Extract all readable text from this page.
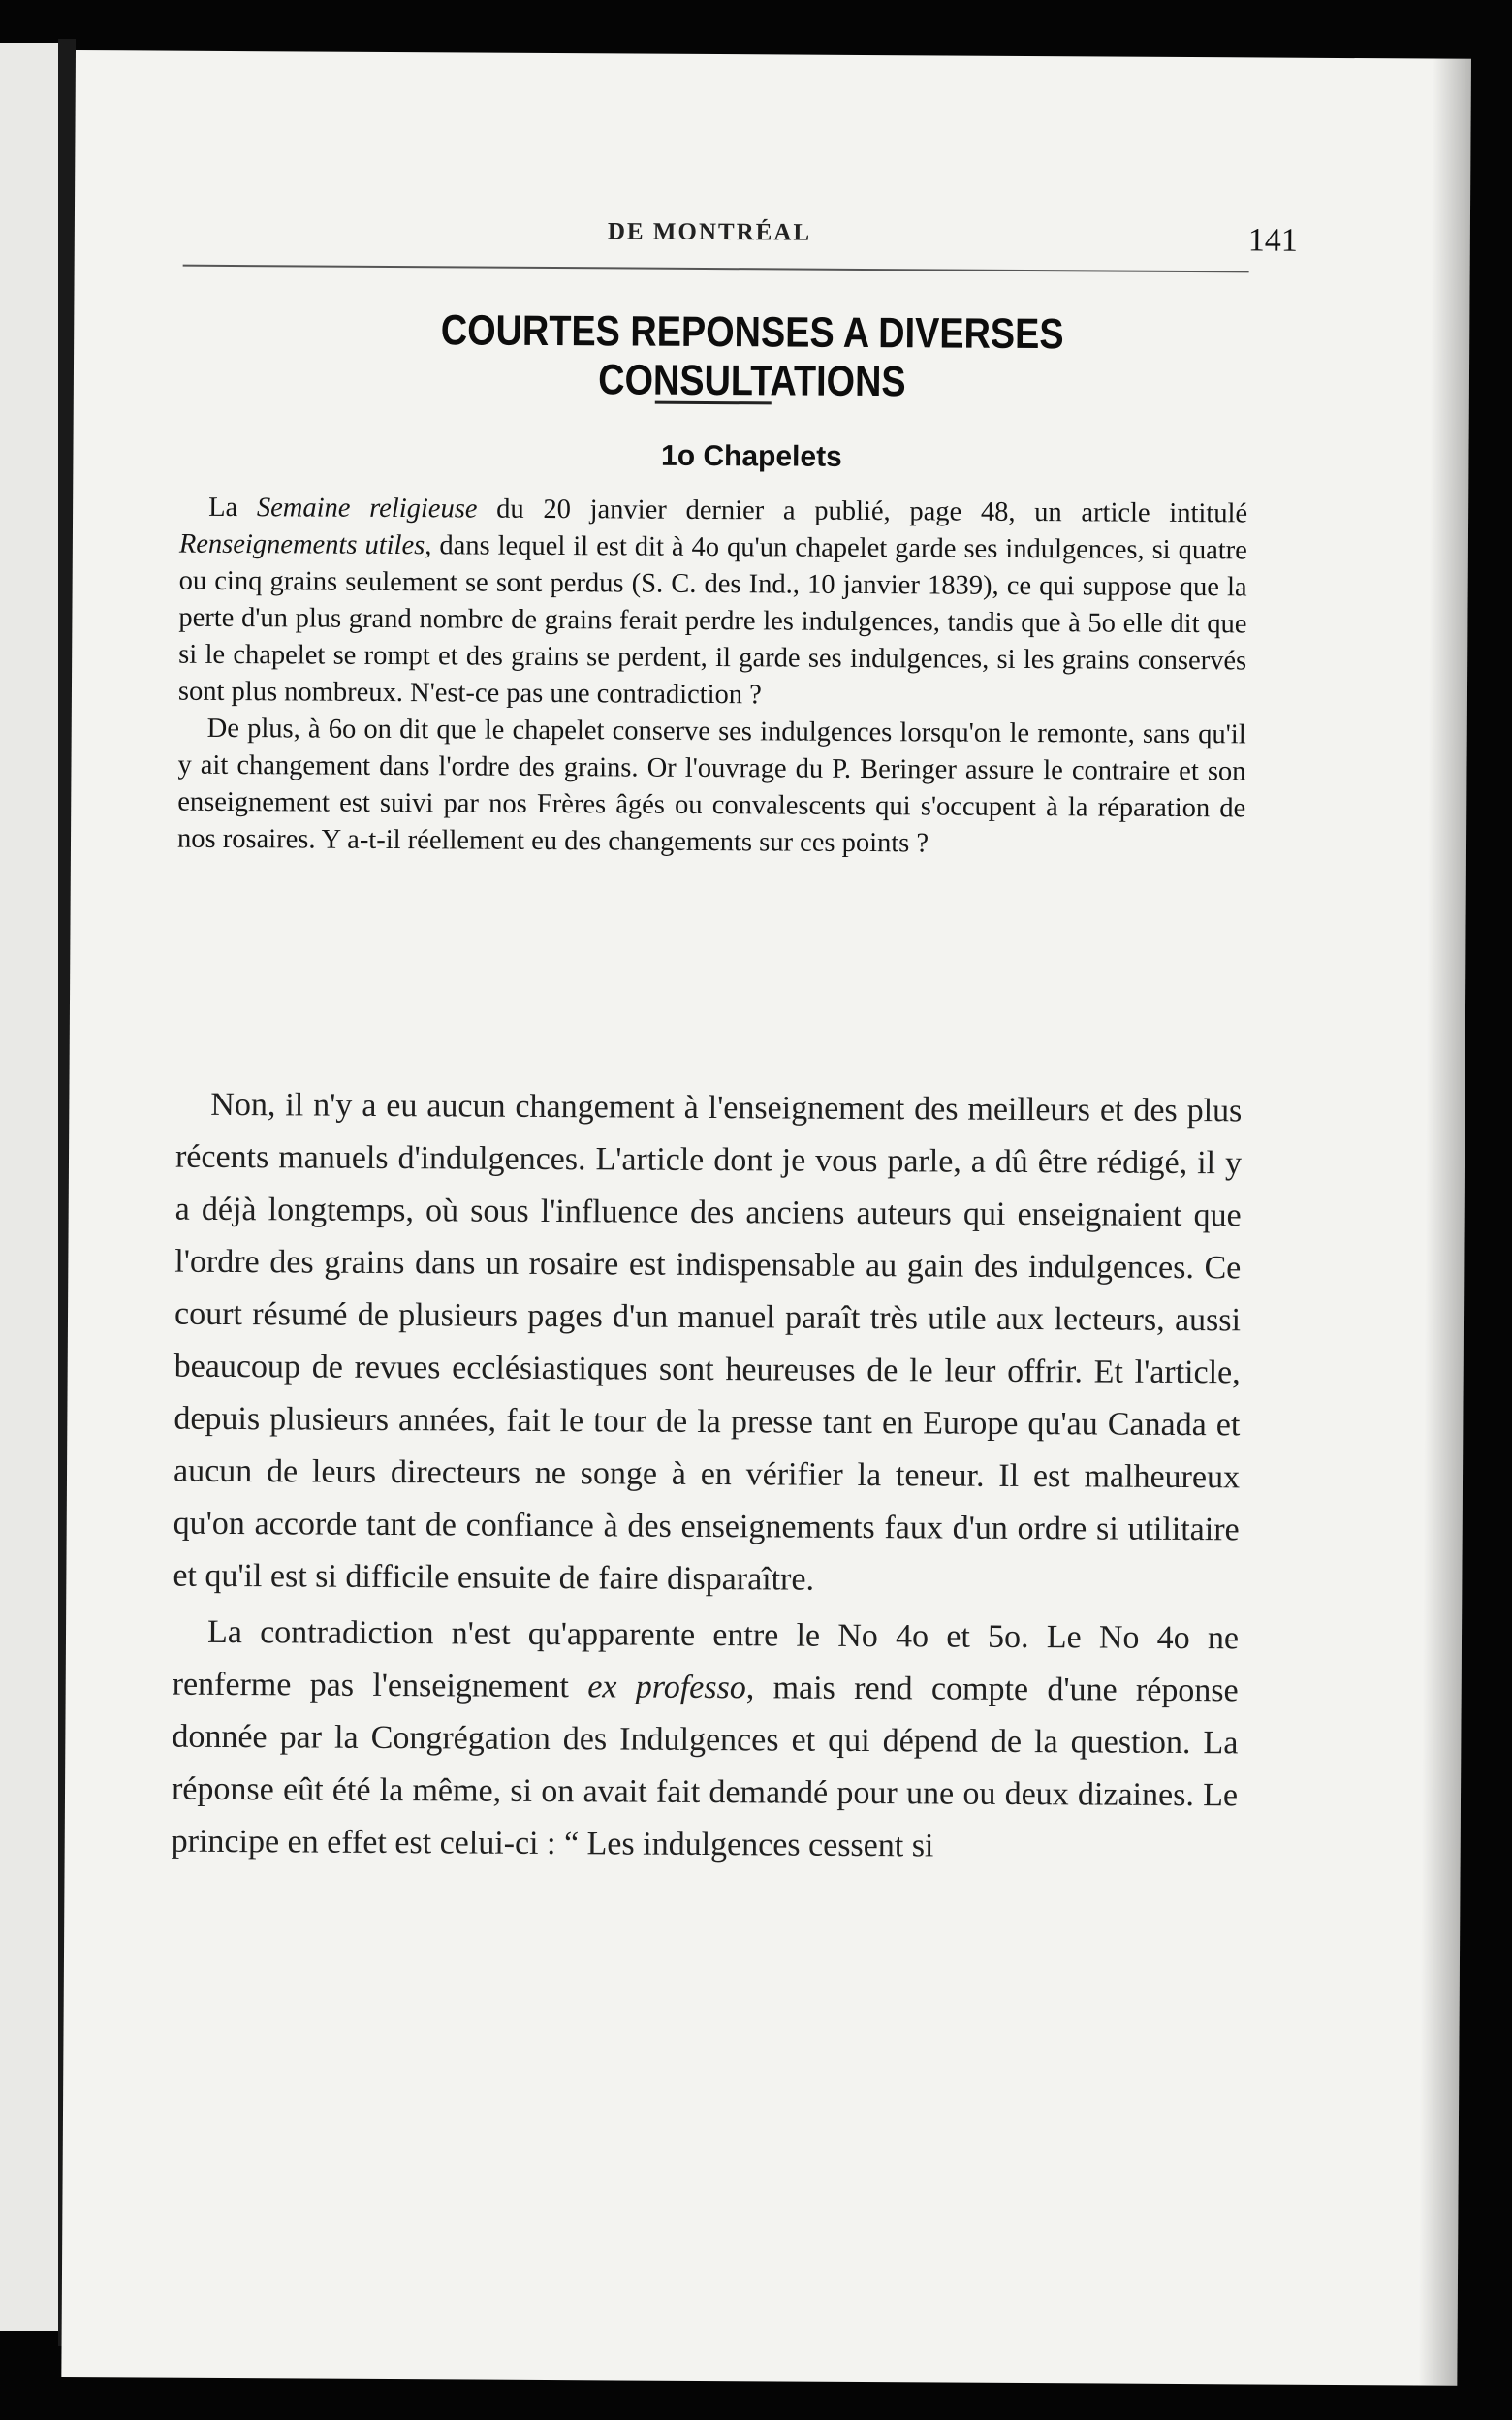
DE MONTRÉAL	141
COURTES REPONSES A DIVERSES CONSULTATIONS
1o Chapelets

La Semaine religieuse du 20 janvier dernier a publié, page 48, un article intitulé Renseignements utiles, dans lequel il est dit à 4o qu'un chapelet garde ses indulgences, si quatre ou cinq grains seulement se sont perdus (S. C. des Ind., 10 janvier 1839), ce qui suppose que la perte d'un plus grand nombre de grains ferait perdre les indulgences, tandis que à 5o elle dit que si le chapelet se rompt et des grains se perdent, il garde ses indulgences, si les grains conservés sont plus nombreux. N'est-ce pas une contradiction ?

De plus, à 6o on dit que le chapelet conserve ses indulgences lorsqu'on le remonte, sans qu'il y ait changement dans l'ordre des grains. Or l'ouvrage du P. Beringer assure le contraire et son enseignement est suivi par nos Frères âgés ou convalescents qui s'occupent à la réparation de nos rosaires. Y a-t-il réellement eu des changements sur ces points ?

Non, il n'y a eu aucun changement à l'enseignement des meilleurs et des plus récents manuels d'indulgences. L'article dont je vous parle, a dû être rédigé, il y a déjà longtemps, où sous l'influence des anciens auteurs qui enseignaient que l'ordre des grains dans un rosaire est indispensable au gain des indulgences. Ce court résumé de plusieurs pages d'un manuel paraît très utile aux lecteurs, aussi beaucoup de revues ecclésiastiques sont heureuses de le leur offrir. Et l'article, depuis plusieurs années, fait le tour de la presse tant en Europe qu'au Canada et aucun de leurs directeurs ne songe à en vérifier la teneur. Il est malheureux qu'on accorde tant de confiance à des enseignements faux d'un ordre si utilitaire et qu'il est si difficile ensuite de faire disparaître.

La contradiction n'est qu'apparente entre le No 4o et 5o. Le No 4o ne renferme pas l'enseignement ex professo, mais rend compte d'une réponse donnée par la Congrégation des Indulgences et qui dépend de la question. La réponse eût été la même, si on avait fait demandé pour une ou deux dizaines. Le principe en effet est celui-ci : “ Les indulgences cessent si
